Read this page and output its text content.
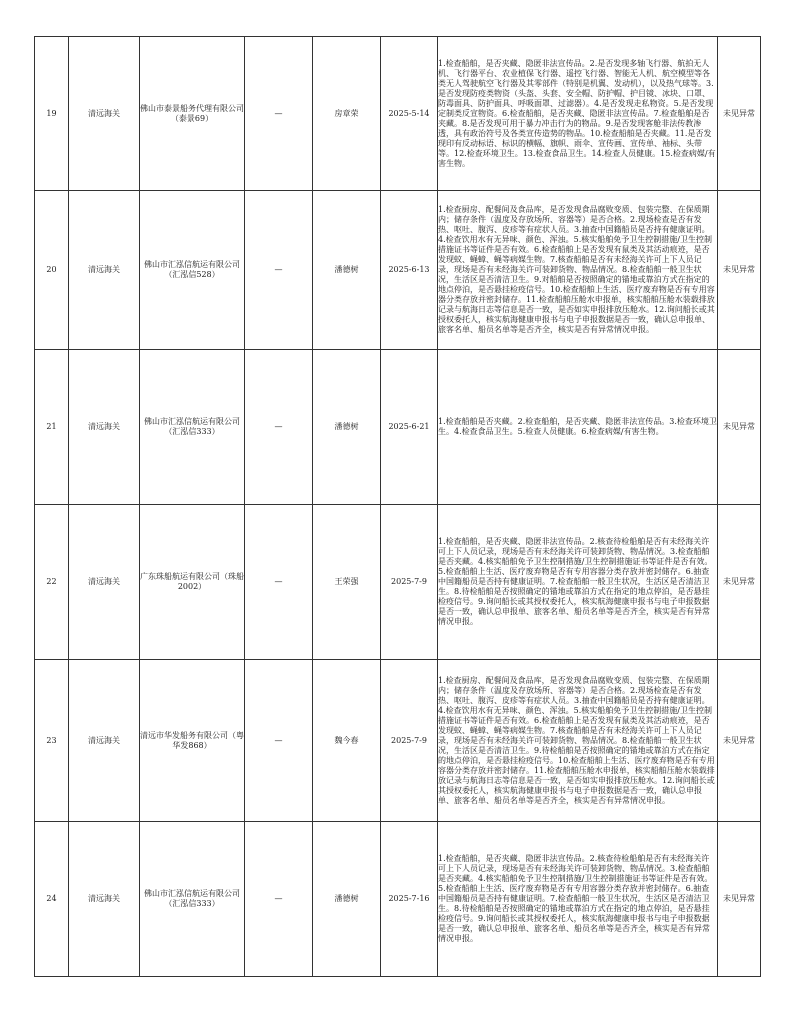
19	清远海关	佛山市泰景船务代理有限公司（泰景69）	—	房章荣	2025-5-14	1.检查船舶，是否夹藏、隐匿非法宣传品。2.是否发现多轴飞行器、航拍无人机、飞行器平台、农业植保飞行器、遥控飞行器、智能无人机、航空模型等各类无人驾驶航空飞行器及其零部件（特别是机翼、发动机），以及热气球等。3.是否发现防疫类物资（头盔、头套、安全帽、防护帽、护目镜、冰块、口罩、防毒面具、防护面具、呼吸面罩、过滤器）。4.是否发现走私物资。5.是否发现定制类反宣物资。6.检查船舶，是否夹藏、隐匿非法宣传品。7.检查船舶是否夹藏。8.是否发现可用于暴力冲击行为的物品。9.是否发现客舱非法传教渗透，具有政治符号及各类宣传造势的物品。10.检查船舶是否夹藏。11.是否发现印有反动标语、标识的横幅、旗帜、雨伞、宣传画、宣传单、袖标、头带等。12.检查环境卫生。13.检查食品卫生。14.检查人员健康。15.检查病媒/有害生物。	未见异常
20	清远海关	佛山市汇泓信航运有限公司（汇泓信528）	—	潘德树	2025-6-13	1.检查厨房、配餐间及食品库，是否发现食品腐败变质、包装完整、在保质期内；储存条件（温度及存放场所、容器等）是否合格。2.现场检查是否有发热、呕吐、腹泻、皮疹等有症状人员。3.抽查中国籍船员是否持有健康证明。4.检查饮用水有无异味、颜色、浑浊。5.核实船舶免予卫生控制措施/卫生控制措施证书等证件是否有效。6.检查船舶上是否发现有鼠类及其活动痕迹，是否发现蚊、蝇蟑、蝇等病媒生物。7.核查船舶是否有未经海关许可上下人员记录，现场是否有未经海关许可装卸货物、物品情况。8.检查船舶一般卫生状况，生活区是否清洁卫生。9.对船舶是否按照确定的锚地或靠泊方式在指定的地点停泊，是否悬挂检疫信号。10.检查船舶上生活、医疗废弃物是否有专用容器分类存放并密封储存。11.检查船舶压舱水申报单，核实船舶压舱水装载排放记录与航海日志等信息是否一致，是否如实申报排放压舱水。12.询问船长或其授权委托人，核实航海健康申报书与电子申报数据是否一致，确认总申报单、旅客名单、船员名单等是否齐全，核实是否有异常情况申报。	未见异常
21	清远海关	佛山市汇泓信航运有限公司（汇泓信333）	—	潘德树	2025-6-21	1.检查船舶是否夹藏。2.检查船舶，是否夹藏、隐匿非法宣传品。3.检查环境卫生。4.检查食品卫生。5.检查人员健康。6.检查病媒/有害生物。	未见异常
22	清远海关	广东珠船航运有限公司（珠船2002）	—	王荣强	2025-7-9	1.检查船舶，是否夹藏、隐匿非法宣传品。2.核查待检船舶是否有未经海关许可上下人员记录，现场是否有未经海关许可装卸货物、物品情况。3.检查船舶是否夹藏。4.核实船舶免予卫生控制措施/卫生控制措施证书等证件是否有效。5.检查船舶上生活、医疗废弃物是否有专用容器分类存放并密封储存。6.抽查中国籍船员是否持有健康证明。7.检查船舶一般卫生状况，生活区是否清洁卫生。8.待检船舶是否按照确定的锚地或靠泊方式在指定的地点停泊，是否悬挂检疫信号。9.询问船长或其授权委托人，核实航海健康申报书与电子申报数据是否一致，确认总申报单、旅客名单、船员名单等是否齐全，核实是否有异常情况申报。	未见异常
23	清远海关	清远市华发船务有限公司（粤华发868）	—	魏今春	2025-7-9	1.检查厨房、配餐间及食品库，是否发现食品腐败变质、包装完整、在保质期内；储存条件（温度及存放场所、容器等）是否合格。2.现场检查是否有发热、呕吐、腹泻、皮疹等有症状人员。3.抽查中国籍船员是否持有健康证明。4.检查饮用水有无异味、颜色、浑浊。5.核实船舶免予卫生控制措施/卫生控制措施证书等证件是否有效。6.检查船舶上是否发现有鼠类及其活动痕迹，是否发现蚊、蝇蟑、蝇等病媒生物。7.核查船舶是否有未经海关许可上下人员记录，现场是否有未经海关许可装卸货物、物品情况。8.检查船舶一般卫生状况，生活区是否清洁卫生。9.待检船舶是否按照确定的锚地或靠泊方式在指定的地点停泊，是否悬挂检疫信号。10.检查船舶上生活、医疗废弃物是否有专用容器分类存放并密封储存。11.检查船舶压舱水申报单，核实船舶压舱水装载排放记录与航海日志等信息是否一致，是否如实申报排放压舱水。12.询问船长或其授权委托人，核实航海健康申报书与电子申报数据是否一致，确认总申报单、旅客名单、船员名单等是否齐全，核实是否有异常情况申报。	未见异常
24	清远海关	佛山市汇泓信航运有限公司（汇泓信333）	—	潘德树	2025-7-16	1.检查船舶，是否夹藏、隐匿非法宣传品。2.核查待检船舶是否有未经海关许可上下人员记录，现场是否有未经海关许可装卸货物、物品情况。3.检查船舶是否夹藏。4.核实船舶免予卫生控制措施/卫生控制措施证书等证件是否有效。5.检查船舶上生活、医疗废弃物是否有专用容器分类存放并密封储存。6.抽查中国籍船员是否持有健康证明。7.检查船舶一般卫生状况，生活区是否清洁卫生。8.待检船舶是否按照确定的锚地或靠泊方式在指定的地点停泊，是否悬挂检疫信号。9.询问船长或其授权委托人，核实航海健康申报书与电子申报数据是否一致，确认总申报单、旅客名单、船员名单等是否齐全，核实是否有异常情况申报。	未见异常
